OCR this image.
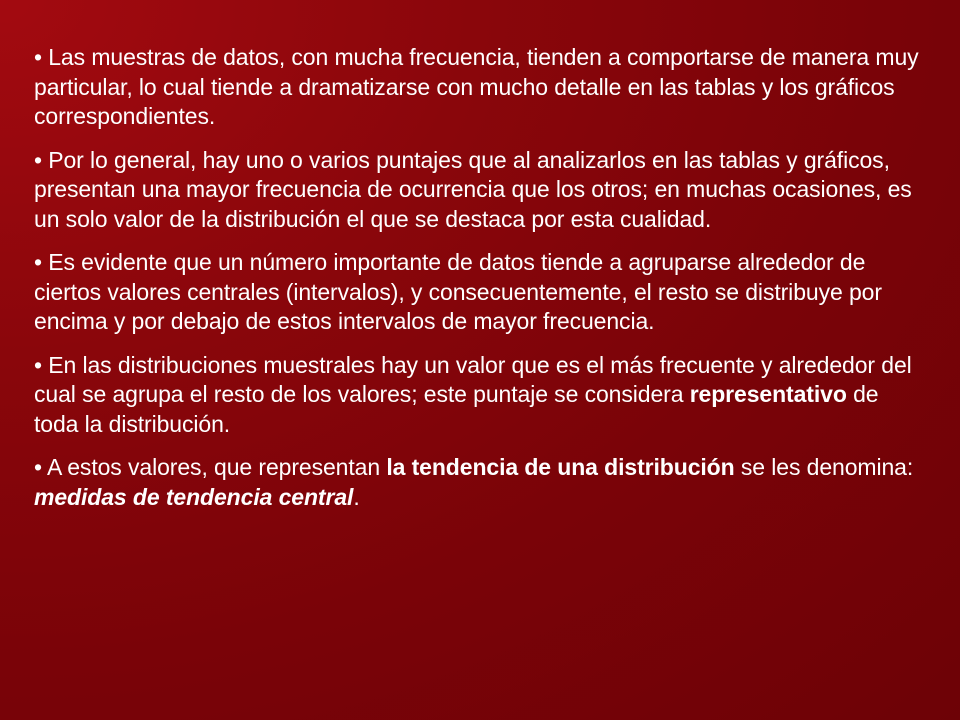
• Las muestras de datos, con mucha frecuencia, tienden a comportarse de manera muy particular, lo cual tiende a dramatizarse con mucho detalle en las tablas y los gráficos correspondientes.

• Por lo general, hay uno o varios puntajes que al analizarlos en las tablas y gráficos, presentan una mayor frecuencia de ocurrencia que los otros; en muchas ocasiones, es un solo valor de la distribución el que se destaca por esta cualidad.

• Es evidente que un número importante de datos tiende a agruparse alrededor de ciertos valores centrales (intervalos), y consecuentemente, el resto se distribuye por encima y por debajo de estos intervalos de mayor frecuencia.

• En las distribuciones muestrales hay un valor que es el más frecuente y alrededor del cual se agrupa el resto de los valores; este puntaje se considera representativo de toda la distribución.

• A estos valores, que representan la tendencia de una distribución se les denomina: medidas de tendencia central.
